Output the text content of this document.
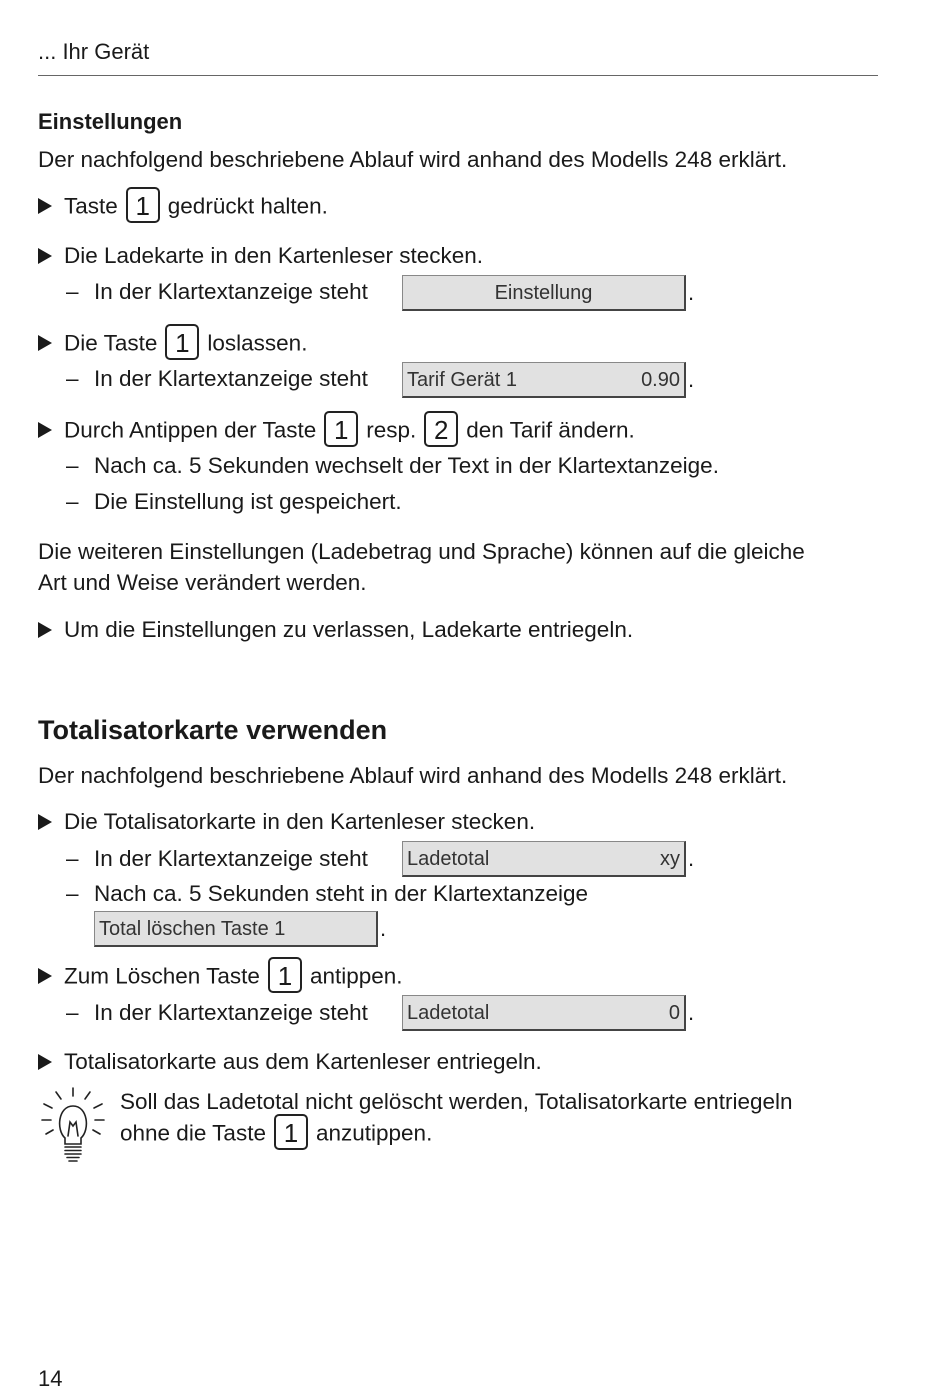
... Ihr Gerät
Einstellungen
Der nachfolgend beschriebene Ablauf wird anhand des Modells 248 erklärt.
Taste 1 gedrückt halten.
Die Ladekarte in den Kartenleser stecken.
– In der Klartextanzeige steht	Einstellung	.
Die Taste 1 loslassen.
– In der Klartextanzeige steht Tarif Gerät 1	0.90 .
Durch Antippen der Taste 1 resp. 2 den Tarif ändern.
– Nach ca. 5 Sekunden wechselt der Text in der Klartextanzeige.
– Die Einstellung ist gespeichert.
Die weiteren Einstellungen (Ladebetrag und Sprache) können auf die gleiche
Art und Weise verändert werden.
Um die Einstellungen zu verlassen, Ladekarte entriegeln.
Totalisatorkarte verwenden
Der nachfolgend beschriebene Ablauf wird anhand des Modells 248 erklärt.
Die Totalisatorkarte in den Kartenleser stecken.
– In der Klartextanzeige steht Ladetotal	xy .
– Nach ca. 5 Sekunden steht in der Klartextanzeige
Total löschen Taste 1	.
Zum Löschen Taste 1 antippen.
– In der Klartextanzeige steht Ladetotal	0 .
Totalisatorkarte aus dem Kartenleser entriegeln.
Soll das Ladetotal nicht gelöscht werden, Totalisatorkarte entriegeln
ohne die Taste 1 anzutippen.
14
